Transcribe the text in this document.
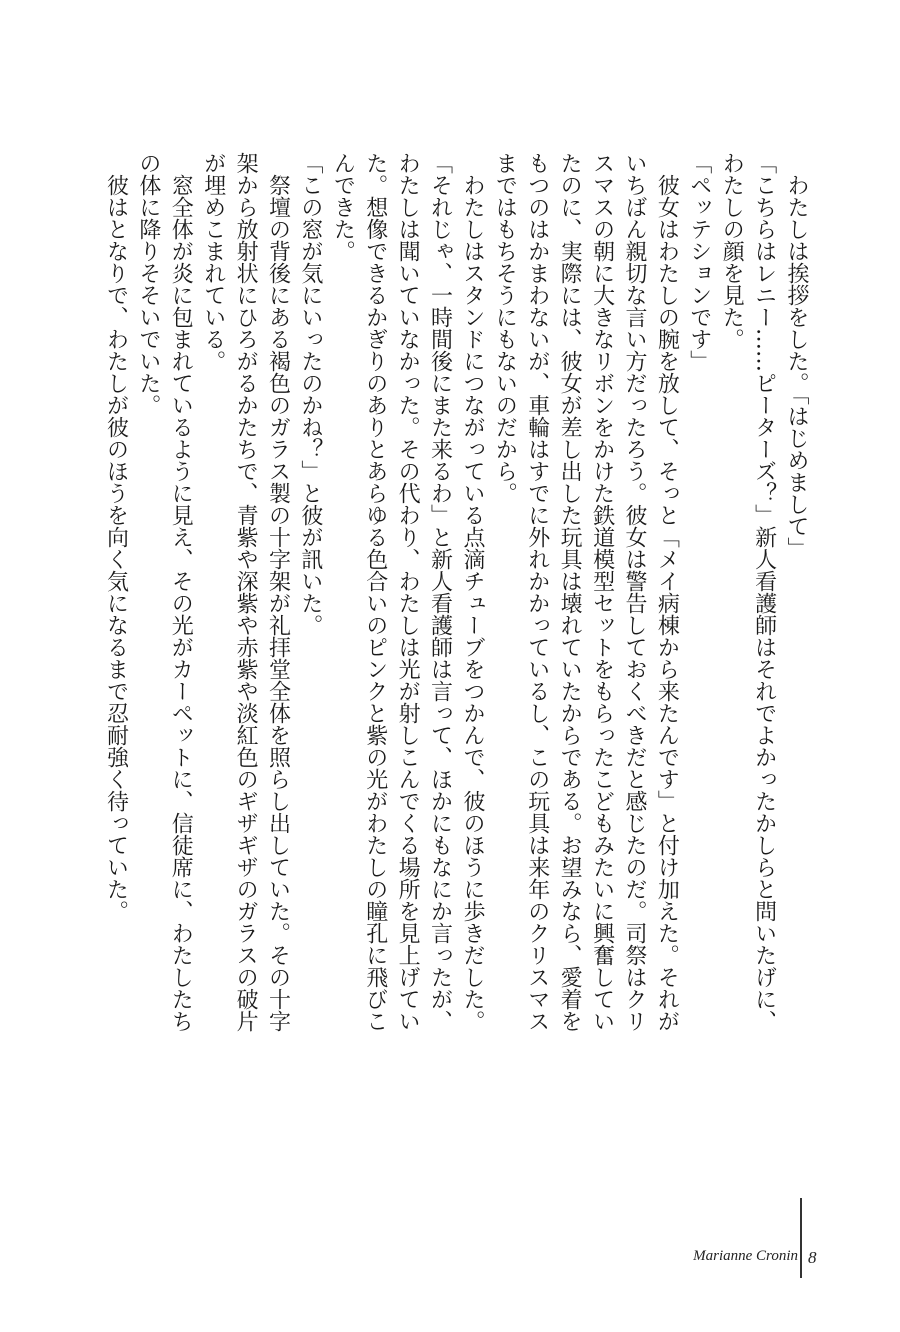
わたしは挨拶をした。「はじめまして」

「こちらはレニー……ピーターズ？」新人看護師はそれでよかったかしらと問いたげに、わたしの顔を見た。

「ペッテションです」

彼女はわたしの腕を放して、そっと「メイ病棟から来たんです」と付け加えた。それがいちばん親切な言い方だったろう。彼女は警告しておくべきだと感じたのだ。司祭はクリスマスの朝に大きなリボンをかけた鉄道模型セットをもらったこどもみたいに興奮していたのに、実際には、彼女が差し出した玩具は壊れていたからである。お望みなら、愛着をもつのはかまわないが、車輪はすでに外れかかっているし、この玩具は来年のクリスマスまではもちそうにもないのだから。

わたしはスタンドにつながっている点滴チューブをつかんで、彼のほうに歩きだした。

「それじゃ、一時間後にまた来るわ」と新人看護師は言って、ほかにもなにか言ったが、わたしは聞いていなかった。その代わり、わたしは光が射しこんでくる場所を見上げていた。想像できるかぎりのありとあらゆる色合いのピンクと紫の光がわたしの瞳孔に飛びこんできた。

「この窓が気にいったのかね？」と彼が訊いた。

祭壇の背後にある褐色のガラス製の十字架が礼拝堂全体を照らし出していた。その十字架から放射状にひろがるかたちで、青紫や深紫や赤紫や淡紅色のギザギザのガラスの破片が埋めこまれている。

窓全体が炎に包まれているように見え、その光がカーペットに、信徒席に、わたしたちの体に降りそそいでいた。

彼はとなりで、わたしが彼のほうを向く気になるまで忍耐強く待っていた。

Marianne Cronin 8
